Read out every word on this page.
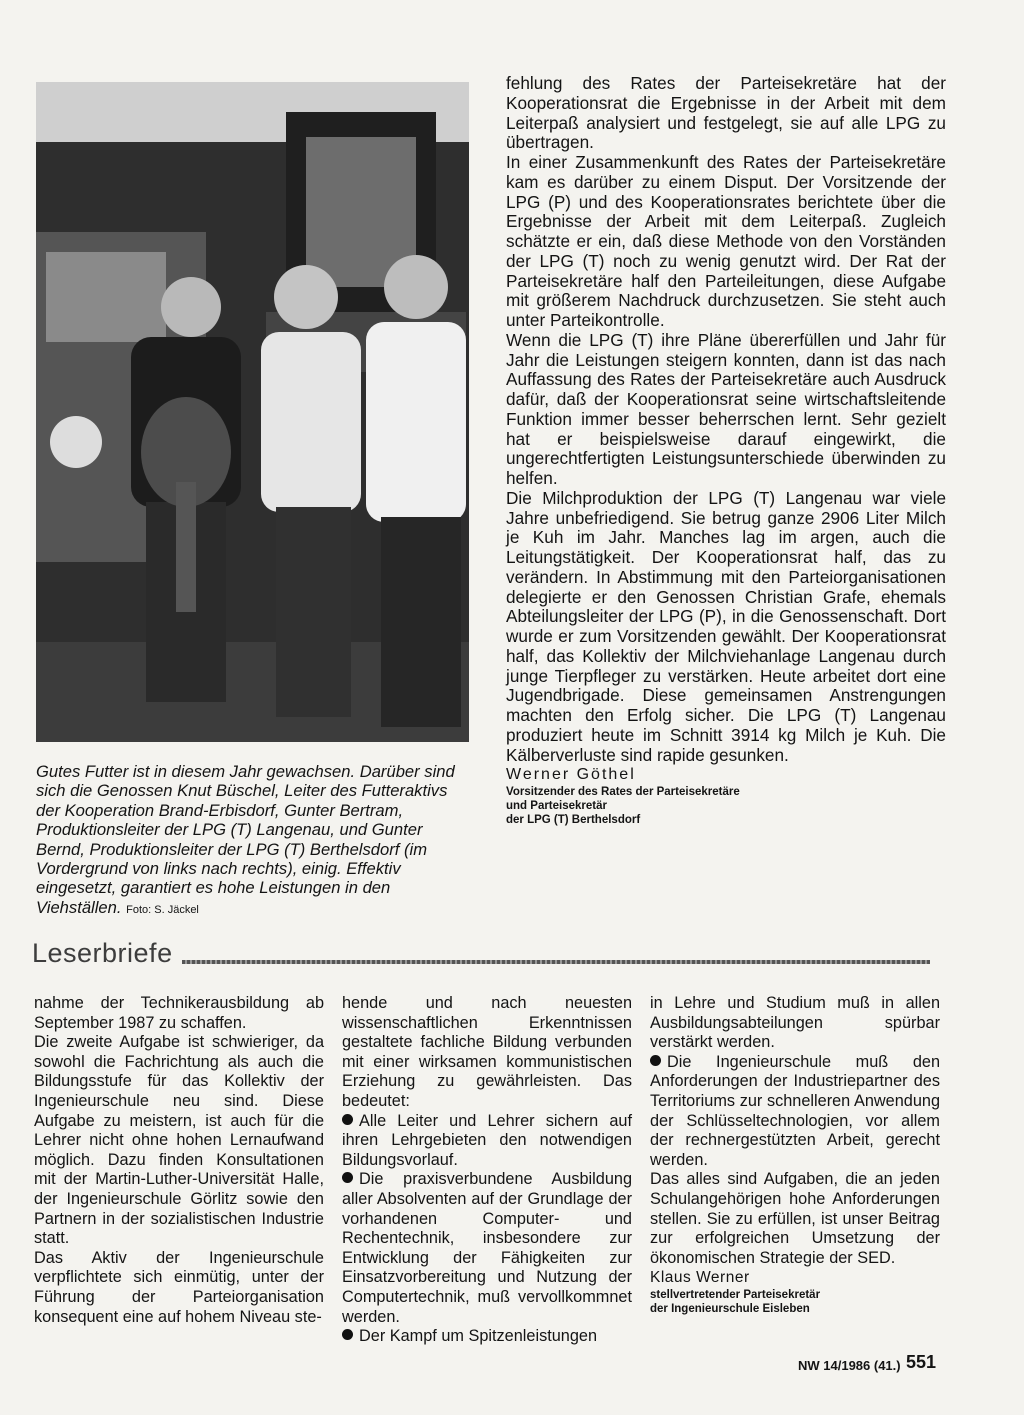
Gutes Futter ist in diesem Jahr gewachsen. Darüber sind sich die Genossen Knut Büschel, Leiter des Futteraktivs der Kooperation Brand-Erbisdorf, Gunter Bertram, Produktionsleiter der LPG (T) Langenau, und Gunter Bernd, Produktionsleiter der LPG (T) Berthelsdorf (im Vordergrund von links nach rechts), einig. Effektiv eingesetzt, garantiert es hohe Leistungen in den Viehställen. Foto: S. Jäckel

fehlung des Rates der Parteisekretäre hat der Kooperationsrat die Ergebnisse in der Arbeit mit dem Leiterpaß analysiert und festgelegt, sie auf alle LPG zu übertragen.

In einer Zusammenkunft des Rates der Parteisekretäre kam es darüber zu einem Disput. Der Vorsitzende der LPG (P) und des Kooperationsrates berichtete über die Ergebnisse der Arbeit mit dem Leiterpaß. Zugleich schätzte er ein, daß diese Methode von den Vorständen der LPG (T) noch zu wenig genutzt wird. Der Rat der Parteisekretäre half den Parteileitungen, diese Aufgabe mit größerem Nachdruck durchzusetzen. Sie steht auch unter Parteikontrolle.

Wenn die LPG (T) ihre Pläne übererfüllen und Jahr für Jahr die Leistungen steigern konnten, dann ist das nach Auffassung des Rates der Parteisekretäre auch Ausdruck dafür, daß der Kooperationsrat seine wirtschaftsleitende Funktion immer besser beherrschen lernt. Sehr gezielt hat er beispielsweise darauf eingewirkt, die ungerechtfertigten Leistungsunterschiede überwinden zu helfen.

Die Milchproduktion der LPG (T) Langenau war viele Jahre unbefriedigend. Sie betrug ganze 2906 Liter Milch je Kuh im Jahr. Manches lag im argen, auch die Leitungstätigkeit. Der Kooperationsrat half, das zu verändern. In Abstimmung mit den Parteiorganisationen delegierte er den Genossen Christian Grafe, ehemals Abteilungsleiter der LPG (P), in die Genossenschaft. Dort wurde er zum Vorsitzenden gewählt. Der Kooperationsrat half, das Kollektiv der Milchviehanlage Langenau durch junge Tierpfleger zu verstärken. Heute arbeitet dort eine Jugendbrigade. Diese gemeinsamen Anstrengungen machten den Erfolg sicher. Die LPG (T) Langenau produziert heute im Schnitt 3914 kg Milch je Kuh. Die Kälberverluste sind rapide gesunken.

Werner Göthel

Vorsitzender des Rates der Parteisekretäre

und Parteisekretär

der LPG (T) Berthelsdorf

Leserbriefe

nahme der Technikerausbildung ab September 1987 zu schaffen.

Die zweite Aufgabe ist schwieriger, da sowohl die Fachrichtung als auch die Bildungsstufe für das Kollektiv der Ingenieurschule neu sind. Diese Aufgabe zu meistern, ist auch für die Lehrer nicht ohne hohen Lernaufwand möglich. Dazu finden Konsultationen mit der Martin-Luther-Universität Halle, der Ingenieurschule Görlitz sowie den Partnern in der sozialistischen Industrie statt.

Das Aktiv der Ingenieurschule verpflichtete sich einmütig, unter der Führung der Parteiorganisation konsequent eine auf hohem Niveau ste-

hende und nach neuesten wissenschaftlichen Erkenntnissen gestaltete fachliche Bildung verbunden mit einer wirksamen kommunistischen Erziehung zu gewährleisten. Das bedeutet:

Alle Leiter und Lehrer sichern auf ihren Lehrgebieten den notwendigen Bildungsvorlauf.

Die praxisverbundene Ausbildung aller Absolventen auf der Grundlage der vorhandenen Computer- und Rechentechnik, insbesondere zur Entwicklung der Fähigkeiten zur Einsatzvorbereitung und Nutzung der Computertechnik, muß vervollkommnet werden.

Der Kampf um Spitzenleistungen

in Lehre und Studium muß in allen Ausbildungsabteilungen spürbar verstärkt werden.

Die Ingenieurschule muß den Anforderungen der Industriepartner des Territoriums zur schnelleren Anwendung der Schlüsseltechnologien, vor allem der rechnergestützten Arbeit, gerecht werden.

Das alles sind Aufgaben, die an jeden Schulangehörigen hohe Anforderungen stellen. Sie zu erfüllen, ist unser Beitrag zur erfolgreichen Umsetzung der ökonomischen Strategie der SED.

Klaus Werner

stellvertretender Parteisekretär

der Ingenieurschule Eisleben

NW 14/1986 (41.) 551
